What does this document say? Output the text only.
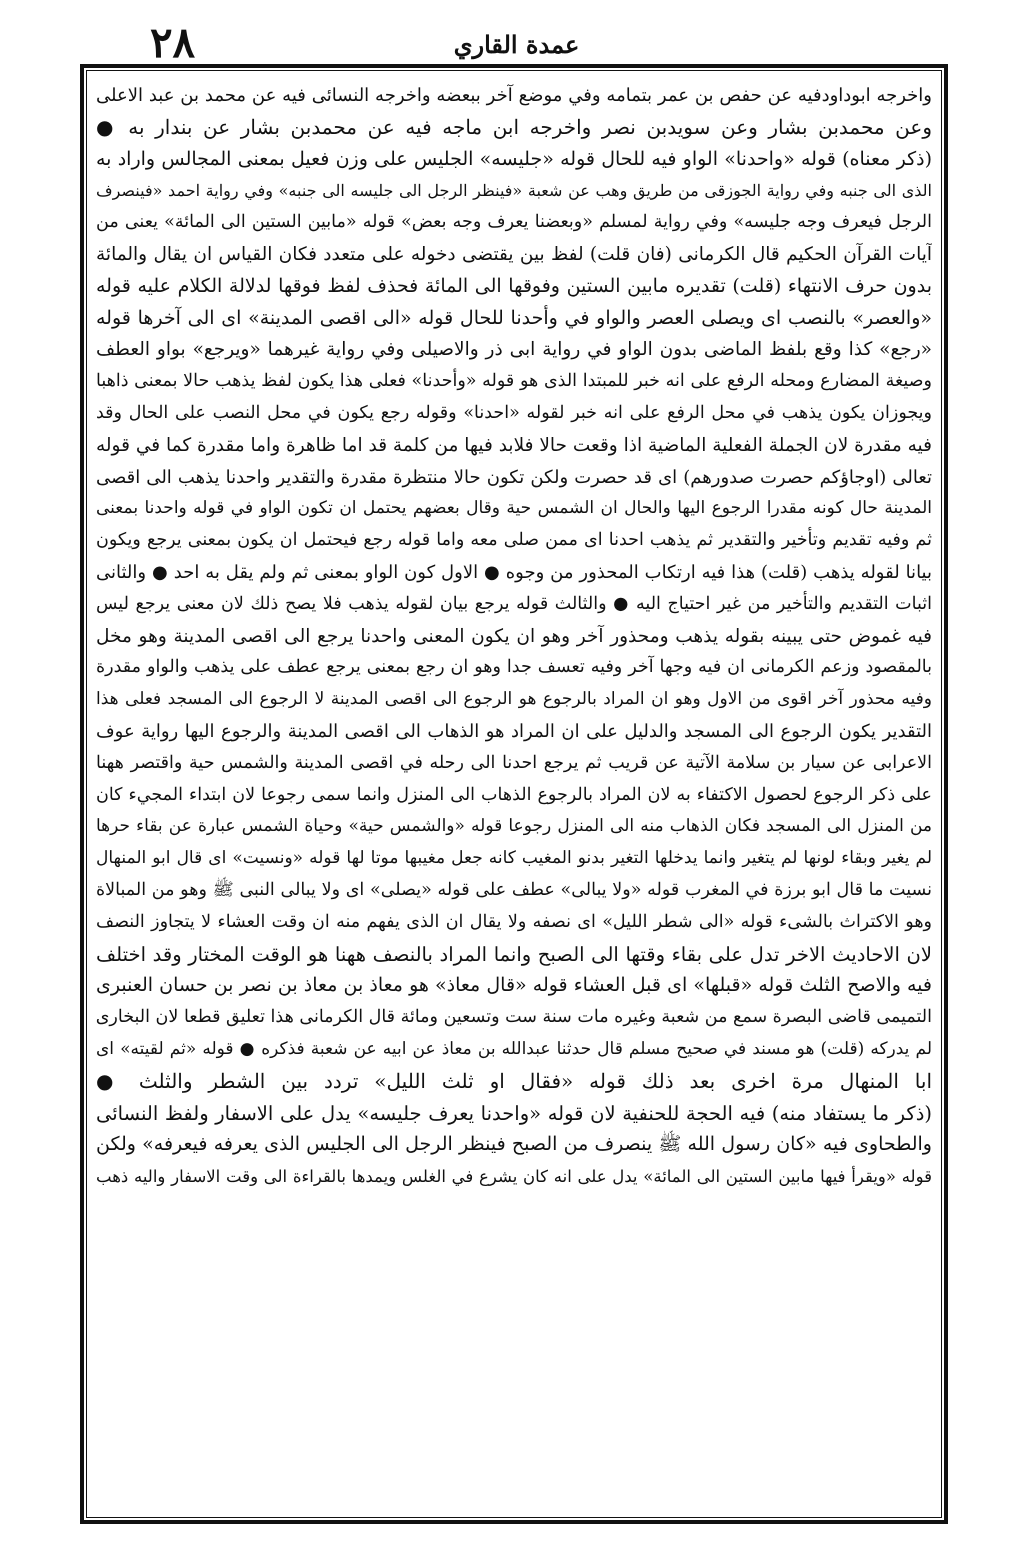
٢٨	عمدة القاري
واخرجه ابوداودفيه عن حفص بن عمر بتمامه وفي موضع آخر ببعضه واخرجه النسائى فيه عن محمد بن عبد الاعلى
وعن محمدبن بشار وعن سويدبن نصر واخرجه ابن ماجه فيه عن محمدبن بشار عن بندار به ●
(ذكر معناه) قوله «واحدنا» الواو فيه للحال قوله «جليسه» الجليس على وزن فعيل بمعنى المجالس واراد به
الذى الى جنبه وفي رواية الجوزقى من طريق وهب عن شعبة «فينظر الرجل الى جليسه الى جنبه» وفي رواية احمد «فينصرف
الرجل فيعرف وجه جليسه» وفي رواية لمسلم «وبعضنا يعرف وجه بعض» قوله «مابين الستين الى المائة» يعنى من
آيات القرآن الحكيم قال الكرمانى (فان قلت) لفظ بين يقتضى دخوله على متعدد فكان القياس ان يقال والمائة
بدون حرف الانتهاء (قلت) تقديره مابين الستين وفوقها الى المائة فحذف لفظ فوقها لدلالة الكلام عليه قوله
«والعصر» بالنصب اى ويصلى العصر والواو في وأحدنا للحال قوله «الى اقصى المدينة» اى الى آخرها قوله
«رجع» كذا وقع بلفظ الماضى بدون الواو في رواية ابى ذر والاصيلى وفي رواية غيرهما «ويرجع» بواو العطف
وصيغة المضارع ومحله الرفع على انه خبر للمبتدا الذى هو قوله «وأحدنا» فعلى هذا يكون لفظ يذهب حالا بمعنى ذاهبا
ويجوزان يكون يذهب في محل الرفع على انه خبر لقوله «احدنا» وقوله رجع يكون في محل النصب على الحال وقد
فيه مقدرة لان الجملة الفعلية الماضية اذا وقعت حالا فلابد فيها من كلمة قد اما ظاهرة واما مقدرة كما في قوله
تعالى (اوجاؤكم حصرت صدورهم) اى قد حصرت ولكن تكون حالا منتظرة مقدرة والتقدير واحدنا يذهب الى اقصى
المدينة حال كونه مقدرا الرجوع اليها والحال ان الشمس حية وقال بعضهم يحتمل ان تكون الواو في قوله واحدنا بمعنى
ثم وفيه تقديم وتأخير والتقدير ثم يذهب احدنا اى ممن صلى معه واما قوله رجع فيحتمل ان يكون بمعنى يرجع ويكون
بيانا لقوله يذهب (قلت) هذا فيه ارتكاب المحذور من وجوه ● الاول كون الواو بمعنى ثم ولم يقل به احد ● والثانى
اثبات التقديم والتأخير من غير احتياج اليه ● والثالث قوله يرجع بيان لقوله يذهب فلا يصح ذلك لان معنى يرجع ليس
فيه غموض حتى يبينه بقوله يذهب ومحذور آخر وهو ان يكون المعنى واحدنا يرجع الى اقصى المدينة وهو مخل
بالمقصود وزعم الكرمانى ان فيه وجها آخر وفيه تعسف جدا وهو ان رجع بمعنى يرجع عطف على يذهب والواو مقدرة
وفيه محذور آخر اقوى من الاول وهو ان المراد بالرجوع هو الرجوع الى اقصى المدينة لا الرجوع الى المسجد فعلى هذا
التقدير يكون الرجوع الى المسجد والدليل على ان المراد هو الذهاب الى اقصى المدينة والرجوع اليها رواية عوف
الاعرابى عن سيار بن سلامة الآتية عن قريب ثم يرجع احدنا الى رحله في اقصى المدينة والشمس حية واقتصر ههنا
على ذكر الرجوع لحصول الاكتفاء به لان المراد بالرجوع الذهاب الى المنزل وانما سمى رجوعا لان ابتداء المجيء كان
من المنزل الى المسجد فكان الذهاب منه الى المنزل رجوعا قوله «والشمس حية» وحياة الشمس عبارة عن بقاء حرها
لم يغير وبقاء لونها لم يتغير وانما يدخلها التغير بدنو المغيب كانه جعل مغيبها موتا لها قوله «ونسيت» اى قال ابو المنهال
نسيت ما قال ابو برزة في المغرب قوله «ولا يبالى» عطف على قوله «يصلى» اى ولا يبالى النبى ﷺ وهو من المبالاة
وهو الاكتراث بالشىء قوله «الى شطر الليل» اى نصفه ولا يقال ان الذى يفهم منه ان وقت العشاء لا يتجاوز النصف
لان الاحاديث الاخر تدل على بقاء وقتها الى الصبح وانما المراد بالنصف ههنا هو الوقت المختار وقد اختلف
فيه والاصح الثلث قوله «قبلها» اى قبل العشاء قوله «قال معاذ» هو معاذ بن معاذ بن نصر بن حسان العنبرى
التميمى قاضى البصرة سمع من شعبة وغيره مات سنة ست وتسعين ومائة قال الكرمانى هذا تعليق قطعا لان البخارى
لم يدركه (قلت) هو مسند في صحيح مسلم قال حدثنا عبدالله بن معاذ عن ابيه عن شعبة فذكره ● قوله «ثم لقيته» اى
ابا المنهال مرة اخرى بعد ذلك قوله «فقال او ثلث الليل» تردد بين الشطر والثلث ●
(ذكر ما يستفاد منه) فيه الحجة للحنفية لان قوله «واحدنا يعرف جليسه» يدل على الاسفار ولفظ النسائى
والطحاوى فيه «كان رسول الله ﷺ ينصرف من الصبح فينظر الرجل الى الجليس الذى يعرفه فيعرفه» ولكن
قوله «ويقرأ فيها مابين الستين الى المائة» يدل على انه كان يشرع في الغلس ويمدها بالقراءة الى وقت الاسفار واليه ذهب
